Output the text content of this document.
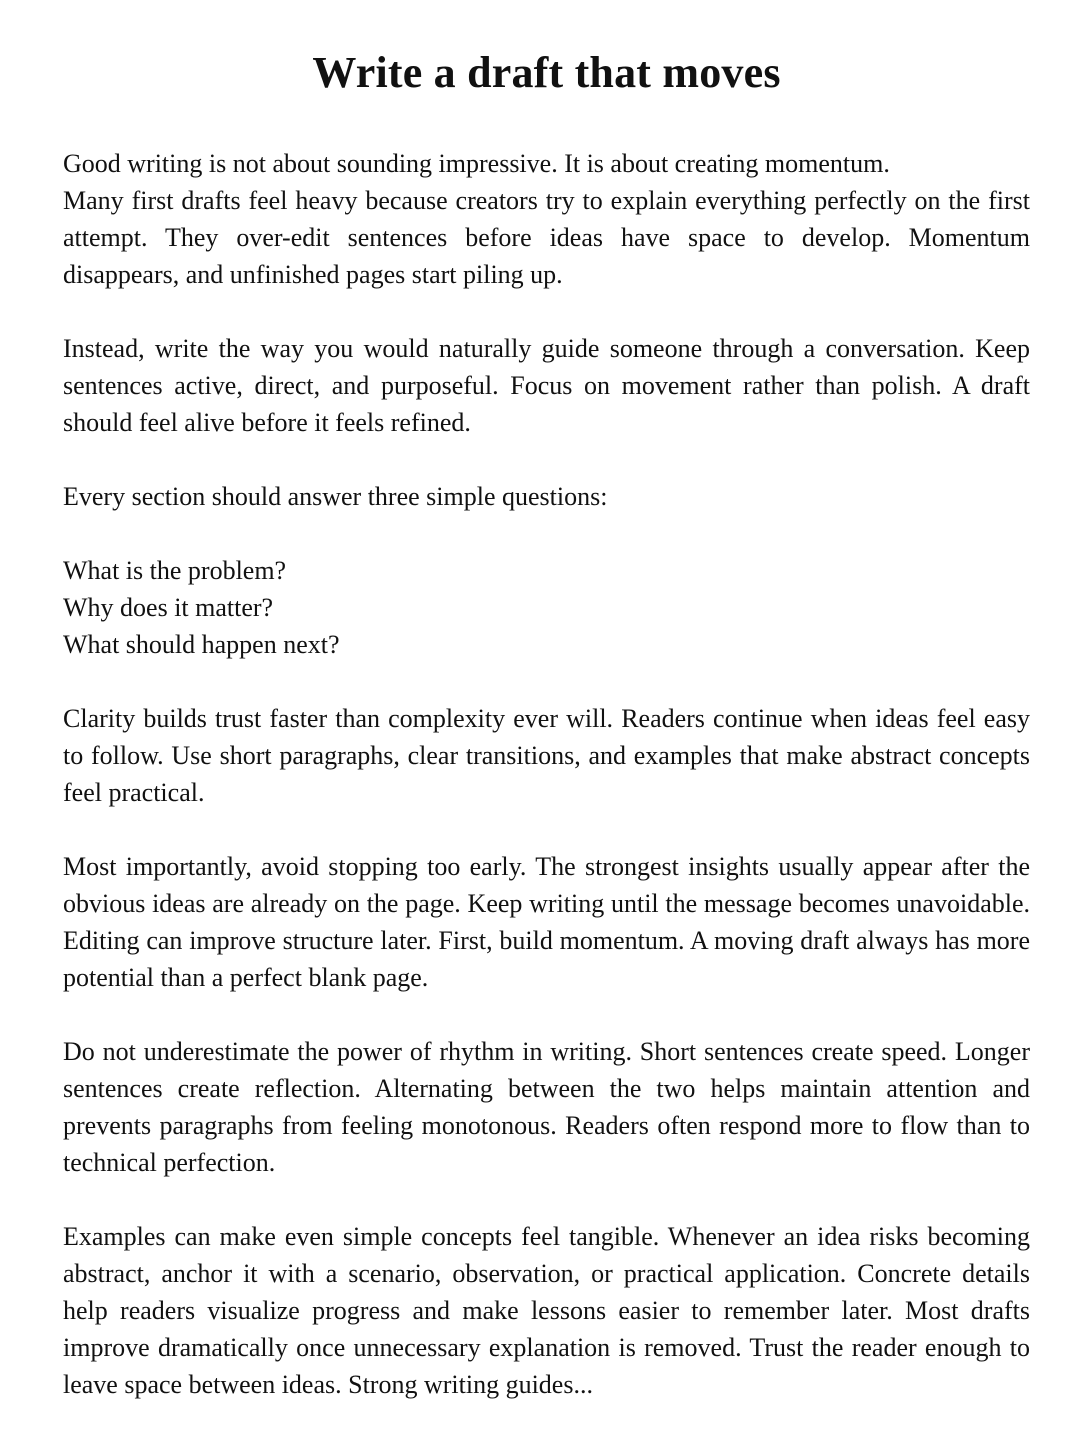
Write a draft that moves

Good writing is not about sounding impressive. It is about creating momentum.
Many first drafts feel heavy because creators try to explain everything perfectly on the first attempt. They over-edit sentences before ideas have space to develop. Momentum disappears, and unfinished pages start piling up.

Instead, write the way you would naturally guide someone through a conversation. Keep sentences active, direct, and purposeful. Focus on movement rather than polish. A draft should feel alive before it feels refined.

Every section should answer three simple questions:

What is the problem?
Why does it matter?
What should happen next?

Clarity builds trust faster than complexity ever will. Readers continue when ideas feel easy to follow. Use short paragraphs, clear transitions, and examples that make abstract concepts feel practical.

Most importantly, avoid stopping too early. The strongest insights usually appear after the obvious ideas are already on the page. Keep writing until the message becomes unavoidable. Editing can improve structure later. First, build momentum. A moving draft always has more potential than a perfect blank page.

Do not underestimate the power of rhythm in writing. Short sentences create speed. Longer sentences create reflection. Alternating between the two helps maintain attention and prevents paragraphs from feeling monotonous. Readers often respond more to flow than to technical perfection.

Examples can make even simple concepts feel tangible. Whenever an idea risks becoming abstract, anchor it with a scenario, observation, or practical application. Concrete details help readers visualize progress and make lessons easier to remember later. Most drafts improve dramatically once unnecessary explanation is removed. Trust the reader enough to leave space between ideas. Strong writing guides...
